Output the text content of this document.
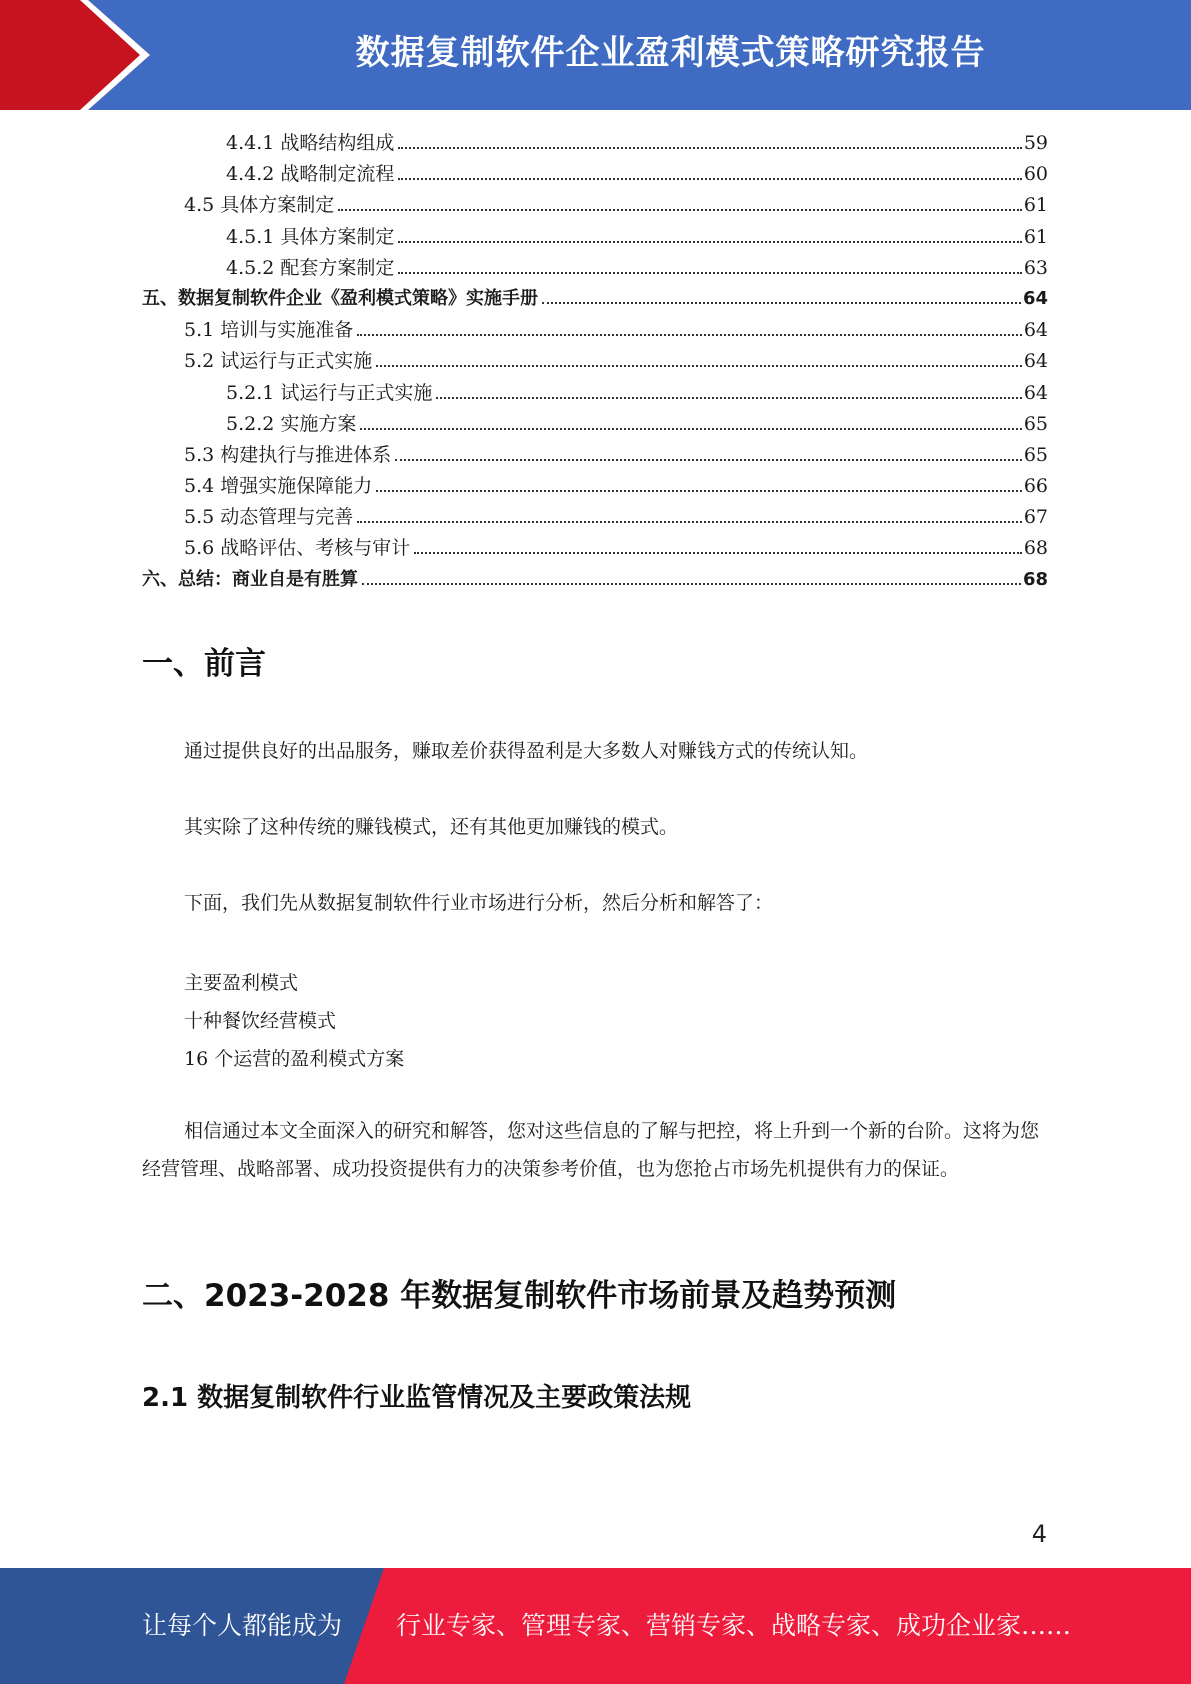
数据复制软件企业盈利模式策略研究报告
4.4.1 战略结构组成	59
4.4.2 战略制定流程	60
4.5 具体方案制定	61
4.5.1 具体方案制定	61
4.5.2 配套方案制定	63
五、数据复制软件企业《盈利模式策略》实施手册	64
5.1 培训与实施准备	64
5.2 试运行与正式实施	64
5.2.1 试运行与正式实施	64
5.2.2 实施方案	65
5.3 构建执行与推进体系	65
5.4 增强实施保障能力	66
5.5 动态管理与完善	67
5.6 战略评估、考核与审计	68
六、总结：商业自是有胜算	68
一、前言
通过提供良好的出品服务，赚取差价获得盈利是大多数人对赚钱方式的传统认知。
其实除了这种传统的赚钱模式，还有其他更加赚钱的模式。
下面，我们先从数据复制软件行业市场进行分析，然后分析和解答了：
主要盈利模式
十种餐饮经营模式
16 个运营的盈利模式方案
相信通过本文全面深入的研究和解答，您对这些信息的了解与把控，将上升到一个新的台阶。这将为您经营管理、战略部署、成功投资提供有力的决策参考价值，也为您抢占市场先机提供有力的保证。
二、2023-2028 年数据复制软件市场前景及趋势预测
2.1 数据复制软件行业监管情况及主要政策法规
4
让每个人都能成为 行业专家、管理专家、营销专家、战略专家、成功企业家……
